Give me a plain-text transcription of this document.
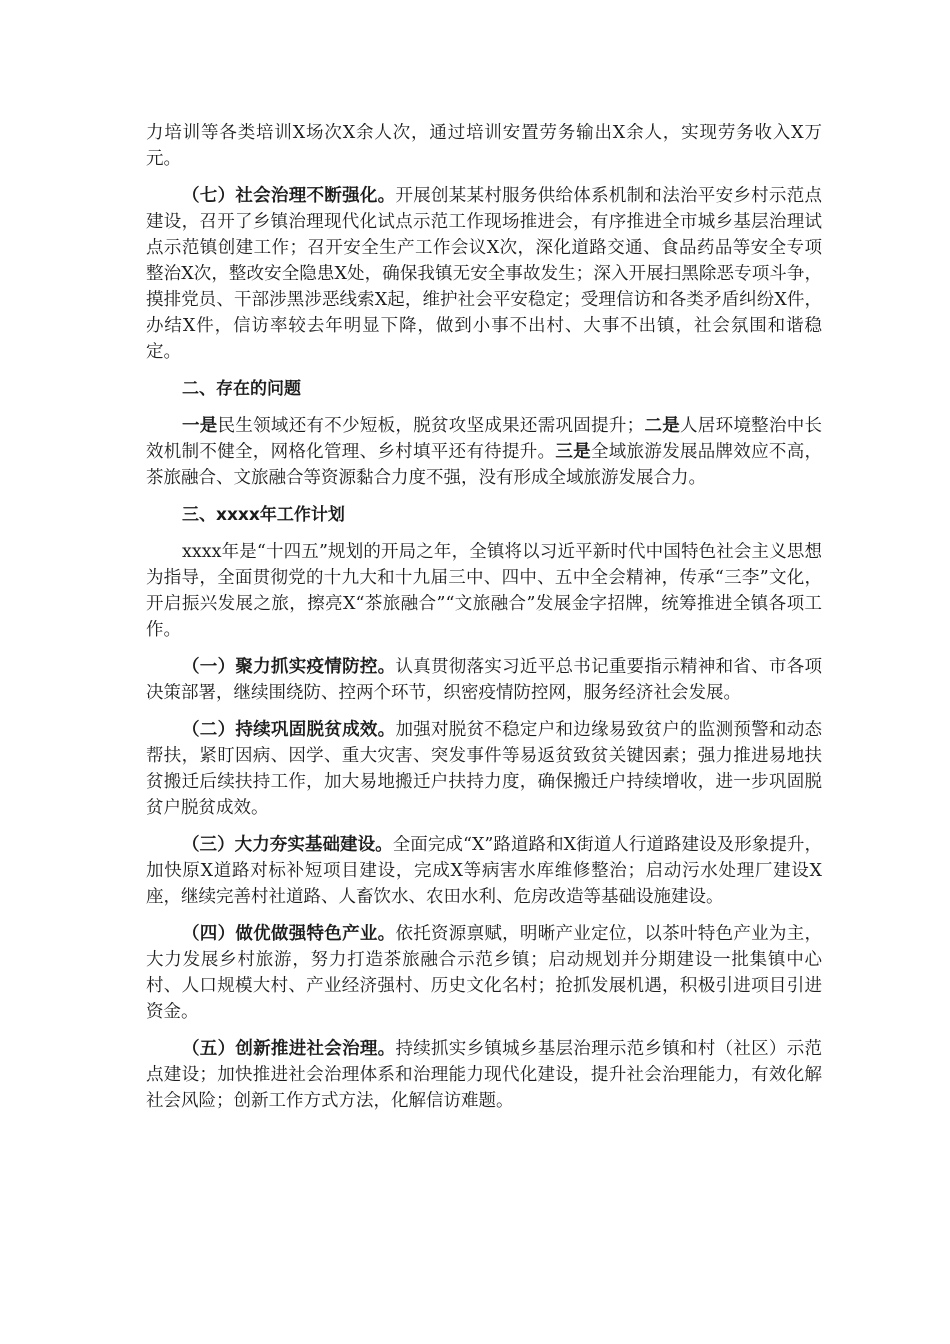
力培训等各类培训X场次X余人次，通过培训安置劳务输出X余人，实现劳务收入X万元。

（七）社会治理不断强化。开展创某某村服务供给体系机制和法治平安乡村示范点建设，召开了乡镇治理现代化试点示范工作现场推进会，有序推进全市城乡基层治理试点示范镇创建工作；召开安全生产工作会议X次，深化道路交通、食品药品等安全专项整治X次，整改安全隐患X处，确保我镇无安全事故发生；深入开展扫黑除恶专项斗争，摸排党员、干部涉黑涉恶线索X起，维护社会平安稳定；受理信访和各类矛盾纠纷X件，办结X件，信访率较去年明显下降，做到小事不出村、大事不出镇，社会氛围和谐稳定。

二、存在的问题

一是民生领域还有不少短板，脱贫攻坚成果还需巩固提升；二是人居环境整治中长效机制不健全，网格化管理、乡村填平还有待提升。三是全域旅游发展品牌效应不高，茶旅融合、文旅融合等资源黏合力度不强，没有形成全域旅游发展合力。

三、xxxx年工作计划

xxxx年是“十四五”规划的开局之年，全镇将以习近平新时代中国特色社会主义思想为指导，全面贯彻党的十九大和十九届三中、四中、五中全会精神，传承“三李”文化，开启振兴发展之旅，擦亮X“茶旅融合”“文旅融合”发展金字招牌，统筹推进全镇各项工作。

（一）聚力抓实疫情防控。认真贯彻落实习近平总书记重要指示精神和省、市各项决策部署，继续围绕防、控两个环节，织密疫情防控网，服务经济社会发展。

（二）持续巩固脱贫成效。加强对脱贫不稳定户和边缘易致贫户的监测预警和动态帮扶，紧盯因病、因学、重大灾害、突发事件等易返贫致贫关键因素；强力推进易地扶贫搬迁后续扶持工作，加大易地搬迁户扶持力度，确保搬迁户持续增收，进一步巩固脱贫户脱贫成效。

（三）大力夯实基础建设。全面完成“X”路道路和X街道人行道路建设及形象提升，加快原X道路对标补短项目建设，完成X等病害水库维修整治；启动污水处理厂建设X座，继续完善村社道路、人畜饮水、农田水利、危房改造等基础设施建设。

（四）做优做强特色产业。依托资源禀赋，明晰产业定位，以茶叶特色产业为主，大力发展乡村旅游，努力打造茶旅融合示范乡镇；启动规划并分期建设一批集镇中心村、人口规模大村、产业经济强村、历史文化名村；抢抓发展机遇，积极引进项目引进资金。

（五）创新推进社会治理。持续抓实乡镇城乡基层治理示范乡镇和村（社区）示范点建设；加快推进社会治理体系和治理能力现代化建设，提升社会治理能力，有效化解社会风险；创新工作方式方法，化解信访难题。
